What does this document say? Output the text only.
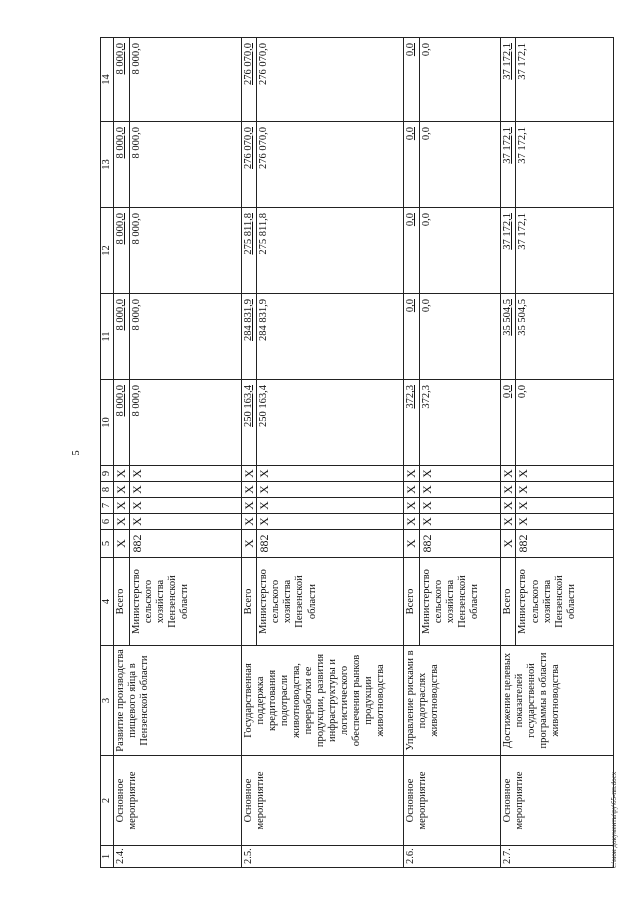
5
1	2	3	4	5	6	7	8	9	10	11	12	13	14
2.4.	Основное мероприятие	Развитие производства пищевого яйца в Пензенской области	Всего	Х	Х	Х	Х	Х	8 000,0	8 000,0	8 000,0	8 000,0	8 000,0
			Министерство сельского хозяйства Пензенской области	882	Х	Х	Х	Х	8 000,0	8 000,0	8 000,0	8 000,0	8 000,0
2.5.	Основное мероприятие	Государственная поддержка кредитования подотрасли животноводства, переработки ее продукции, развития инфраструктуры и логистического обеспечения рынков продукции животноводства	Всего	Х	Х	Х	Х	Х	250 163,4	284 831,9	275 811,8	276 070,0	276 070,0
			Министерство сельского хозяйства Пензенской области	882	Х	Х	Х	Х	250 163,4	284 831,9	275 811,8	276 070,0	276 070,0
2.6.	Основное мероприятие	Управление рисками в подотраслях животноводства	Всего	Х	Х	Х	Х	Х	372,3	0,0	0,0	0,0	0,0
			Министерство сельского хозяйства Пензенской области	882	Х	Х	Х	Х	372,3	0,0	0,0	0,0	0,0
2.7.	Основное мероприятие	Достижение целевых показателей государственной программы в области животноводства	Всего	Х	Х	Х	Х	Х	0,0	35 504,5	37 172,1	37 172,1	37 172,1
			Министерство сельского хозяйства Пензенской области	882	Х	Х	Х	Х	0,0	35 504,5	37 172,1	37 172,1	37 172,1
c:\мои документы\ру\65-пп.docx
